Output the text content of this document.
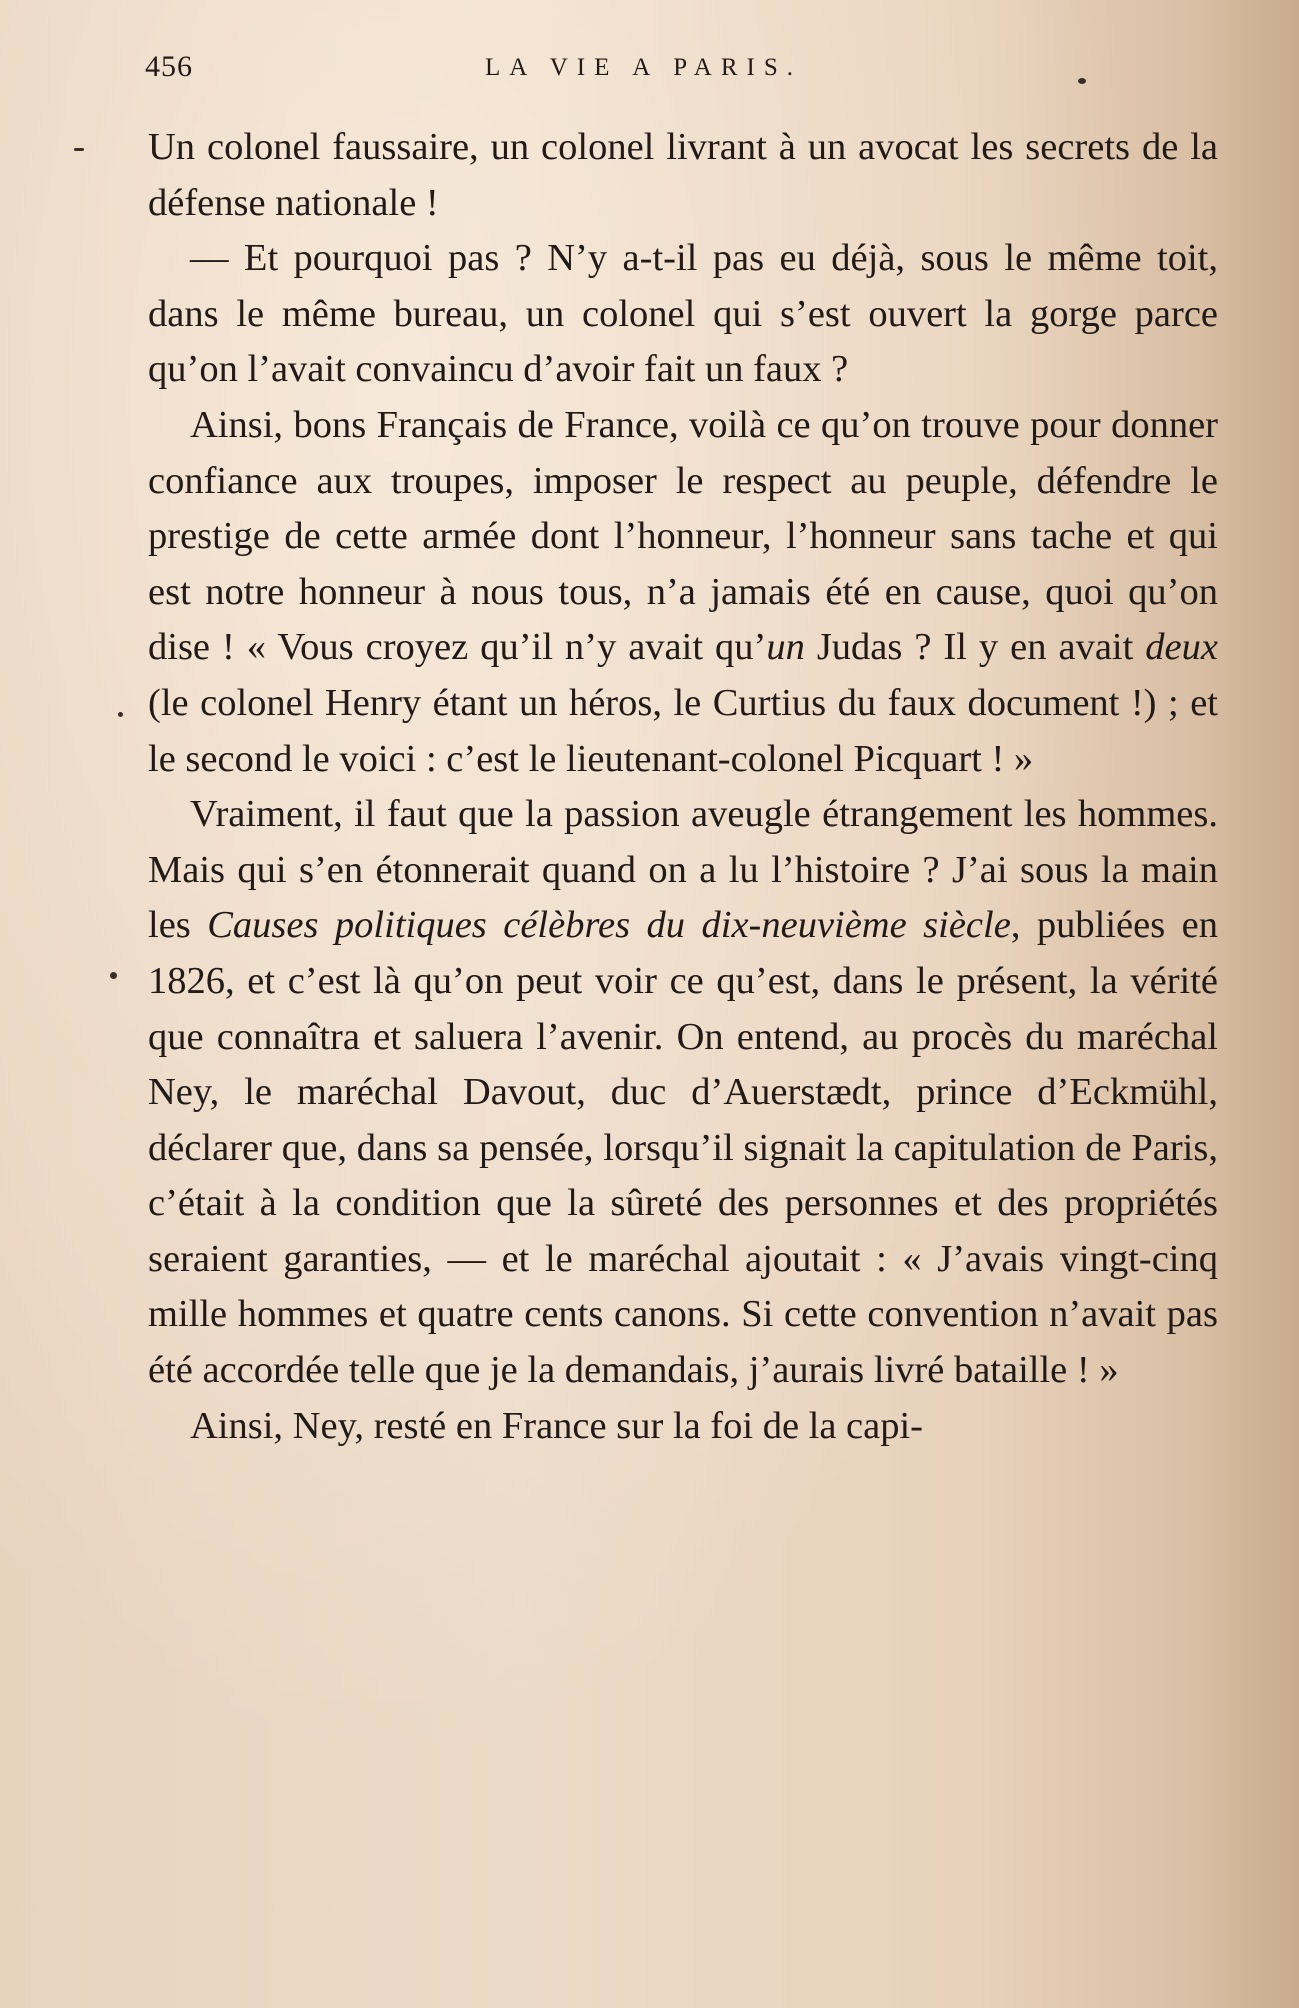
456	LA VIE A PARIS.

Un colonel faussaire, un colonel livrant à un avocat les secrets de la défense nationale !

— Et pourquoi pas ? N’y a-t-il pas eu déjà, sous le même toit, dans le même bureau, un colonel qui s’est ouvert la gorge parce qu’on l’avait convaincu d’avoir fait un faux ?

Ainsi, bons Français de France, voilà ce qu’on trouve pour donner confiance aux troupes, imposer le respect au peuple, défendre le prestige de cette armée dont l’honneur, l’honneur sans tache et qui est notre honneur à nous tous, n’a jamais été en cause, quoi qu’on dise ! « Vous croyez qu’il n’y avait qu’un Judas ? Il y en avait deux (le colonel Henry étant un héros, le Curtius du faux document !) ; et le second le voici : c’est le lieutenant-colonel Picquart ! »

Vraiment, il faut que la passion aveugle étrangement les hommes. Mais qui s’en étonnerait quand on a lu l’histoire ? J’ai sous la main les Causes politiques célèbres du dix-neuvième siècle, publiées en 1826, et c’est là qu’on peut voir ce qu’est, dans le présent, la vérité que connaîtra et saluera l’avenir. On entend, au procès du maréchal Ney, le maréchal Davout, duc d’Auerstædt, prince d’Eckmühl, déclarer que, dans sa pensée, lorsqu’il signait la capitulation de Paris, c’était à la condition que la sûreté des personnes et des propriétés seraient garanties, — et le maréchal ajoutait : « J’avais vingt-cinq mille hommes et quatre cents canons. Si cette convention n’avait pas été accordée telle que je la demandais, j’aurais livré bataille ! »

Ainsi, Ney, resté en France sur la foi de la capi-
